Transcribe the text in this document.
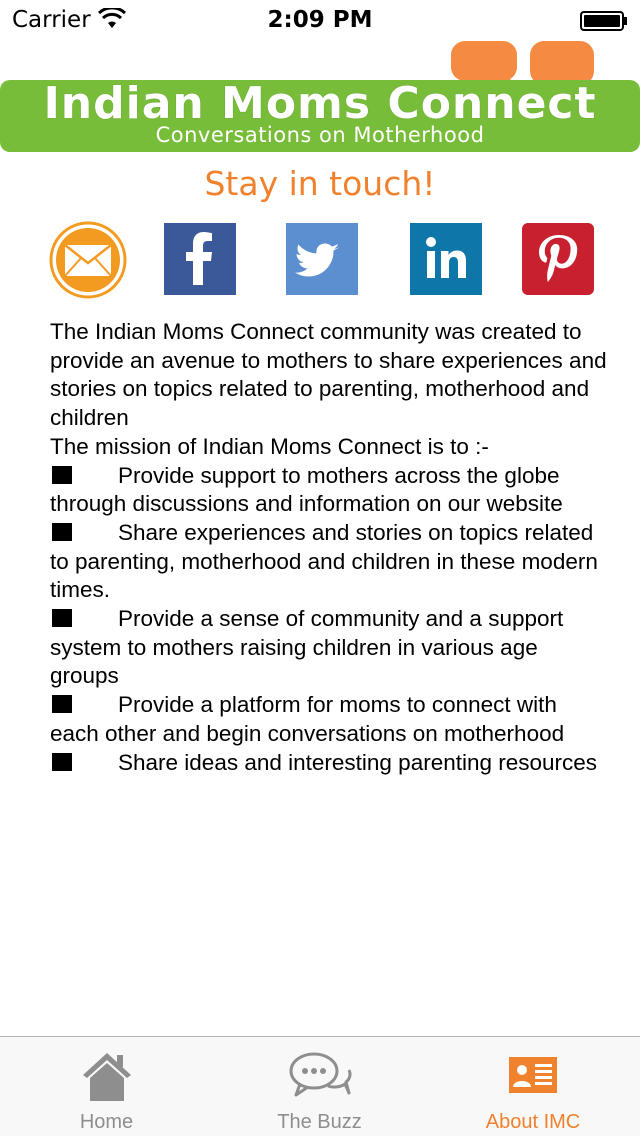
Carrier	2:09 PM
Indian Moms Connect
Conversations on Motherhood
Stay in touch!

The Indian Moms Connect community was created to provide an avenue to mothers to share experiences and stories on topics related to parenting, motherhood and children

The mission of Indian Moms Connect is to :-

Provide support to mothers across the globe through discussions and information on our website

Share experiences and stories on topics related to parenting, motherhood and children in these modern times.

Provide a sense of community and a support system to mothers raising children in various age groups

Provide a platform for moms to connect with each other and begin conversations on motherhood

Share ideas and interesting parenting resources

Home	The Buzz	About IMC
